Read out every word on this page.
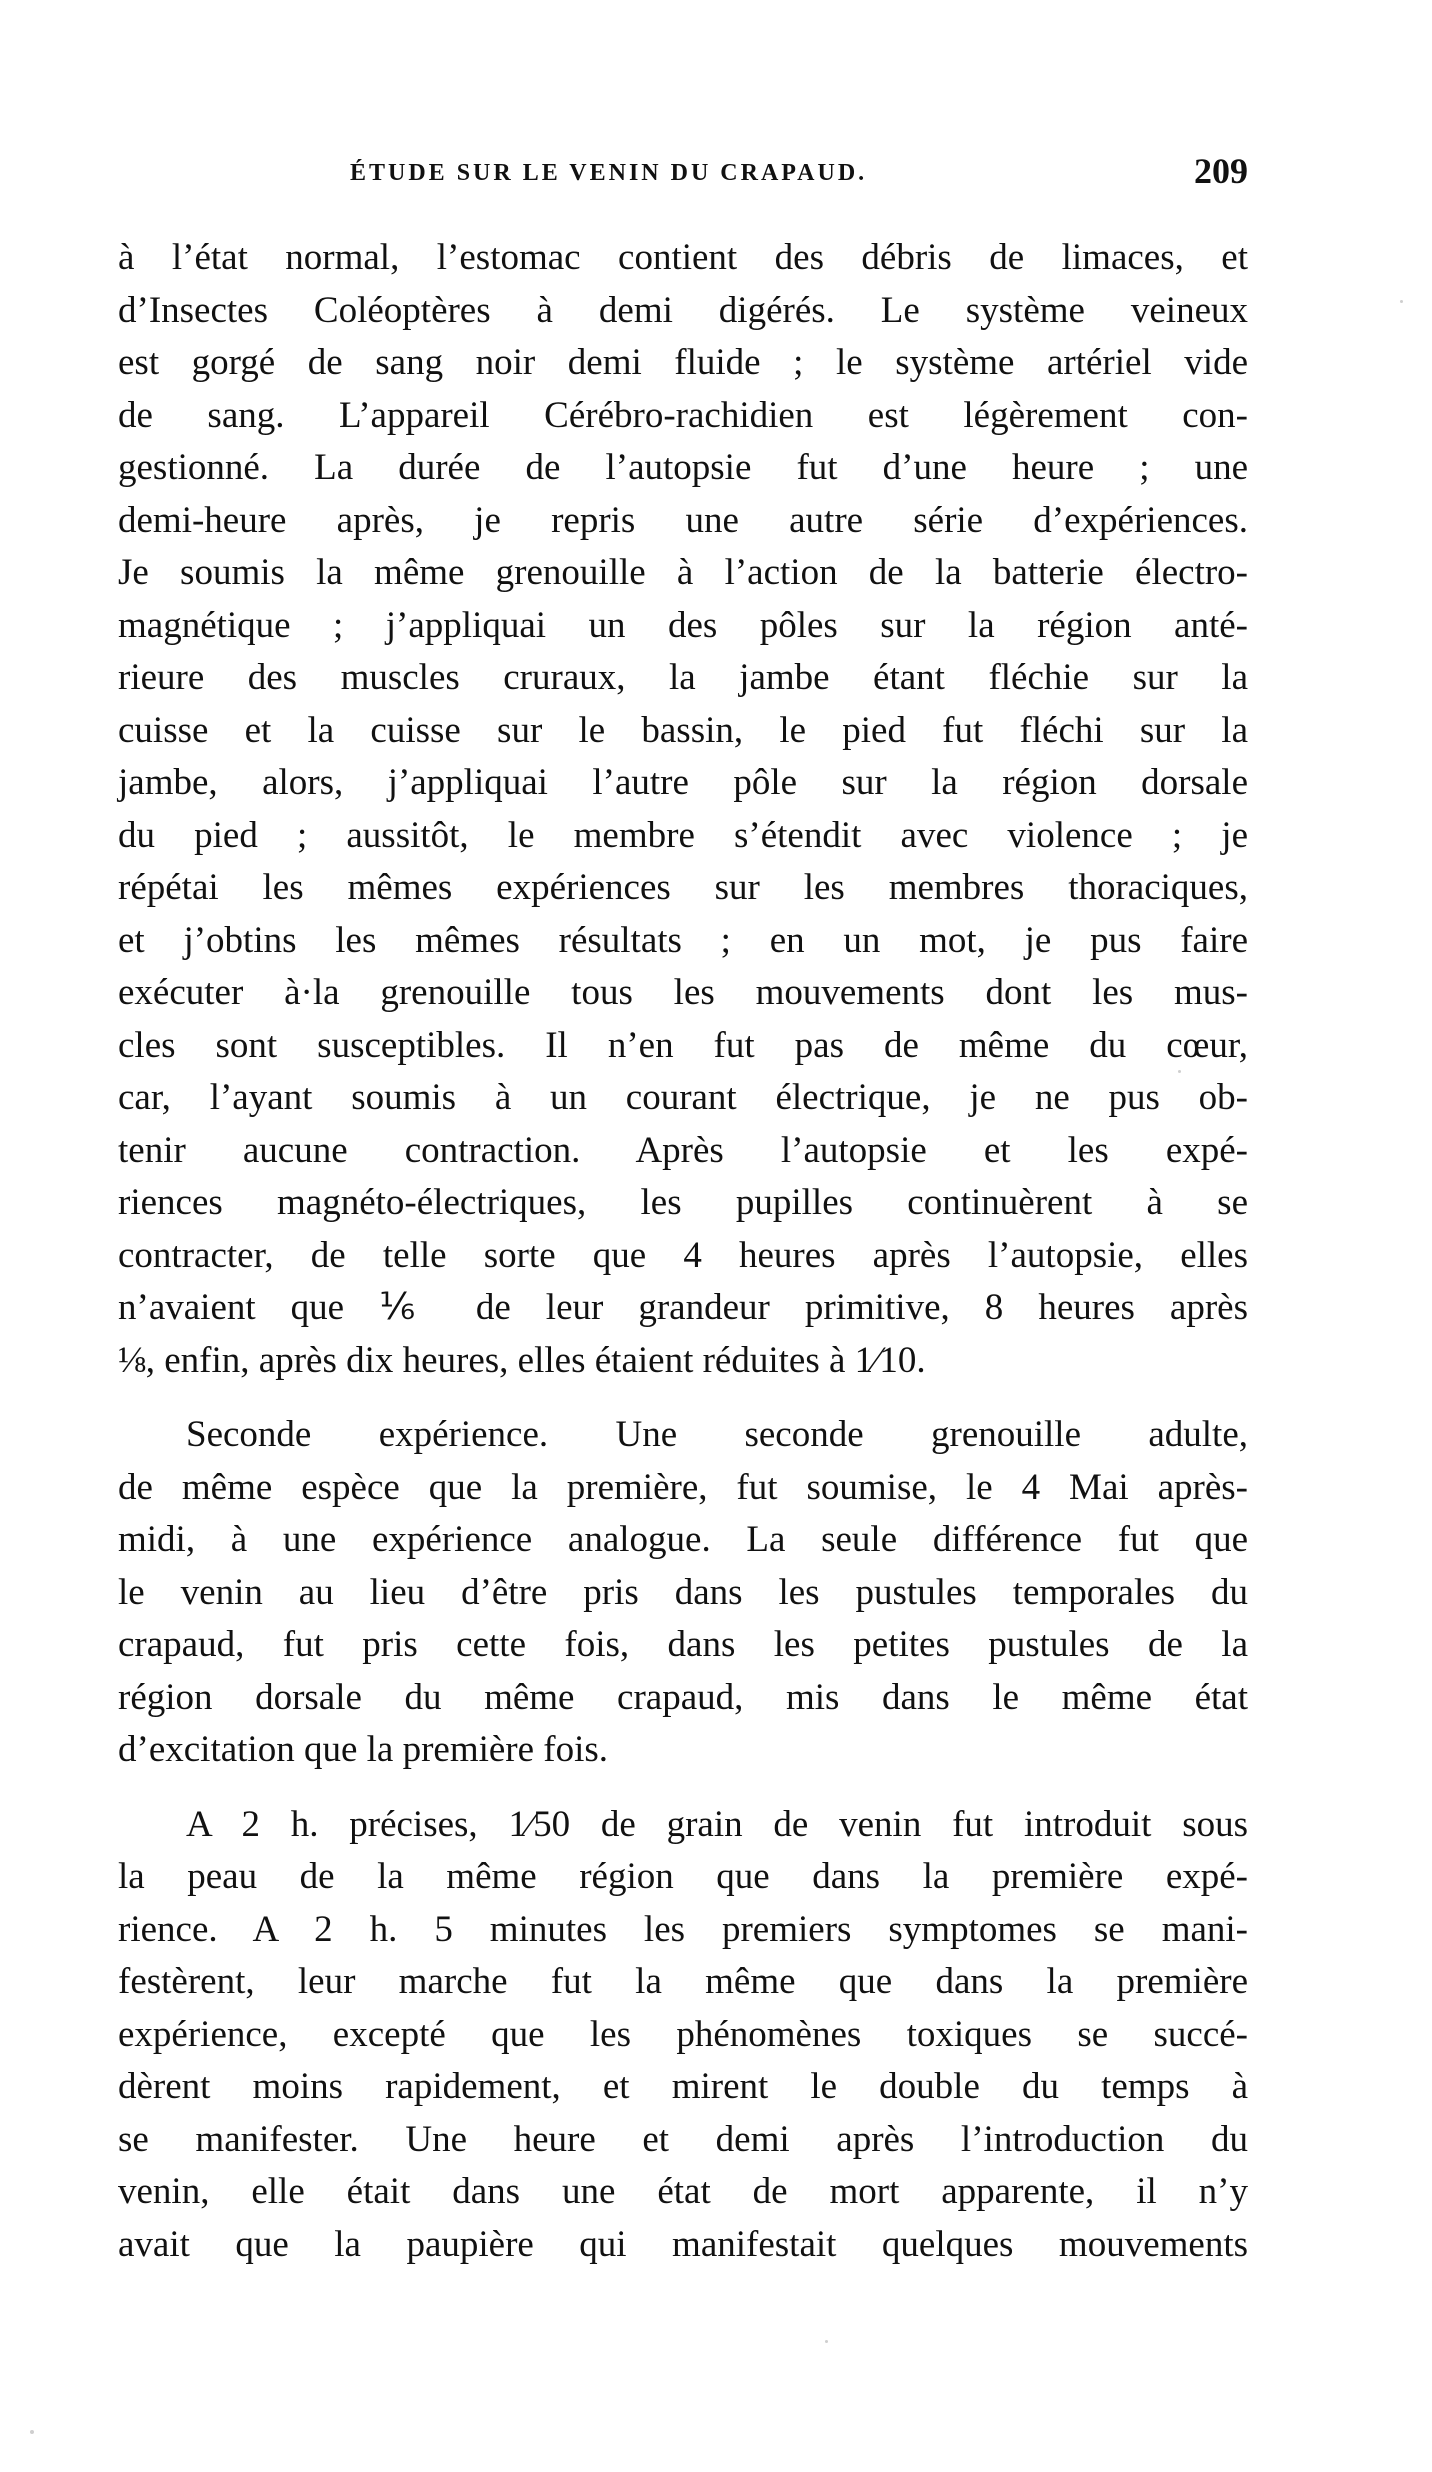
ÉTUDE SUR LE VENIN DU CRAPAUD.	209
à l’état normal, l’estomac contient des débris de limaces, et
d’Insectes Coléoptères à demi digérés. Le système veineux
est gorgé de sang noir demi fluide ; le système artériel vide
de sang. L’appareil Cérébro-rachidien est légèrement con-
gestionné. La durée de l’autopsie fut d’une heure ; une
demi-heure après, je repris une autre série d’expériences.
Je soumis la même grenouille à l’action de la batterie électro-
magnétique ; j’appliquai un des pôles sur la région anté-
rieure des muscles cruraux, la jambe étant fléchie sur la
cuisse et la cuisse sur le bassin, le pied fut fléchi sur la
jambe, alors, j’appliquai l’autre pôle sur la région dorsale
du pied ; aussitôt, le membre s’étendit avec violence ; je
répétai les mêmes expériences sur les membres thoraciques,
et j’obtins les mêmes résultats ; en un mot, je pus faire
exécuter à·la grenouille tous les mouvements dont les mus-
cles sont susceptibles. Il n’en fut pas de même du cœur,
car, l’ayant soumis à un courant électrique, je ne pus ob-
tenir aucune contraction. Après l’autopsie et les expé-
riences magnéto-électriques, les pupilles continuèrent à se
contracter, de telle sorte que 4 heures après l’autopsie, elles
n’avaient que ⅙ de leur grandeur primitive, 8 heures après
⅛, enfin, après dix heures, elles étaient réduites à 1⁄10.
Seconde expérience. Une seconde grenouille adulte,
de même espèce que la première, fut soumise, le 4 Mai après-
midi, à une expérience analogue. La seule différence fut que
le venin au lieu d’être pris dans les pustules temporales du
crapaud, fut pris cette fois, dans les petites pustules de la
région dorsale du même crapaud, mis dans le même état
d’excitation que la première fois.
A 2 h. précises, 1⁄50 de grain de venin fut introduit sous
la peau de la même région que dans la première expé-
rience. A 2 h. 5 minutes les premiers symptomes se mani-
festèrent, leur marche fut la même que dans la première
expérience, excepté que les phénomènes toxiques se succé-
dèrent moins rapidement, et mirent le double du temps à
se manifester. Une heure et demi après l’introduction du
venin, elle était dans une état de mort apparente, il n’y
avait que la paupière qui manifestait quelques mouvements
